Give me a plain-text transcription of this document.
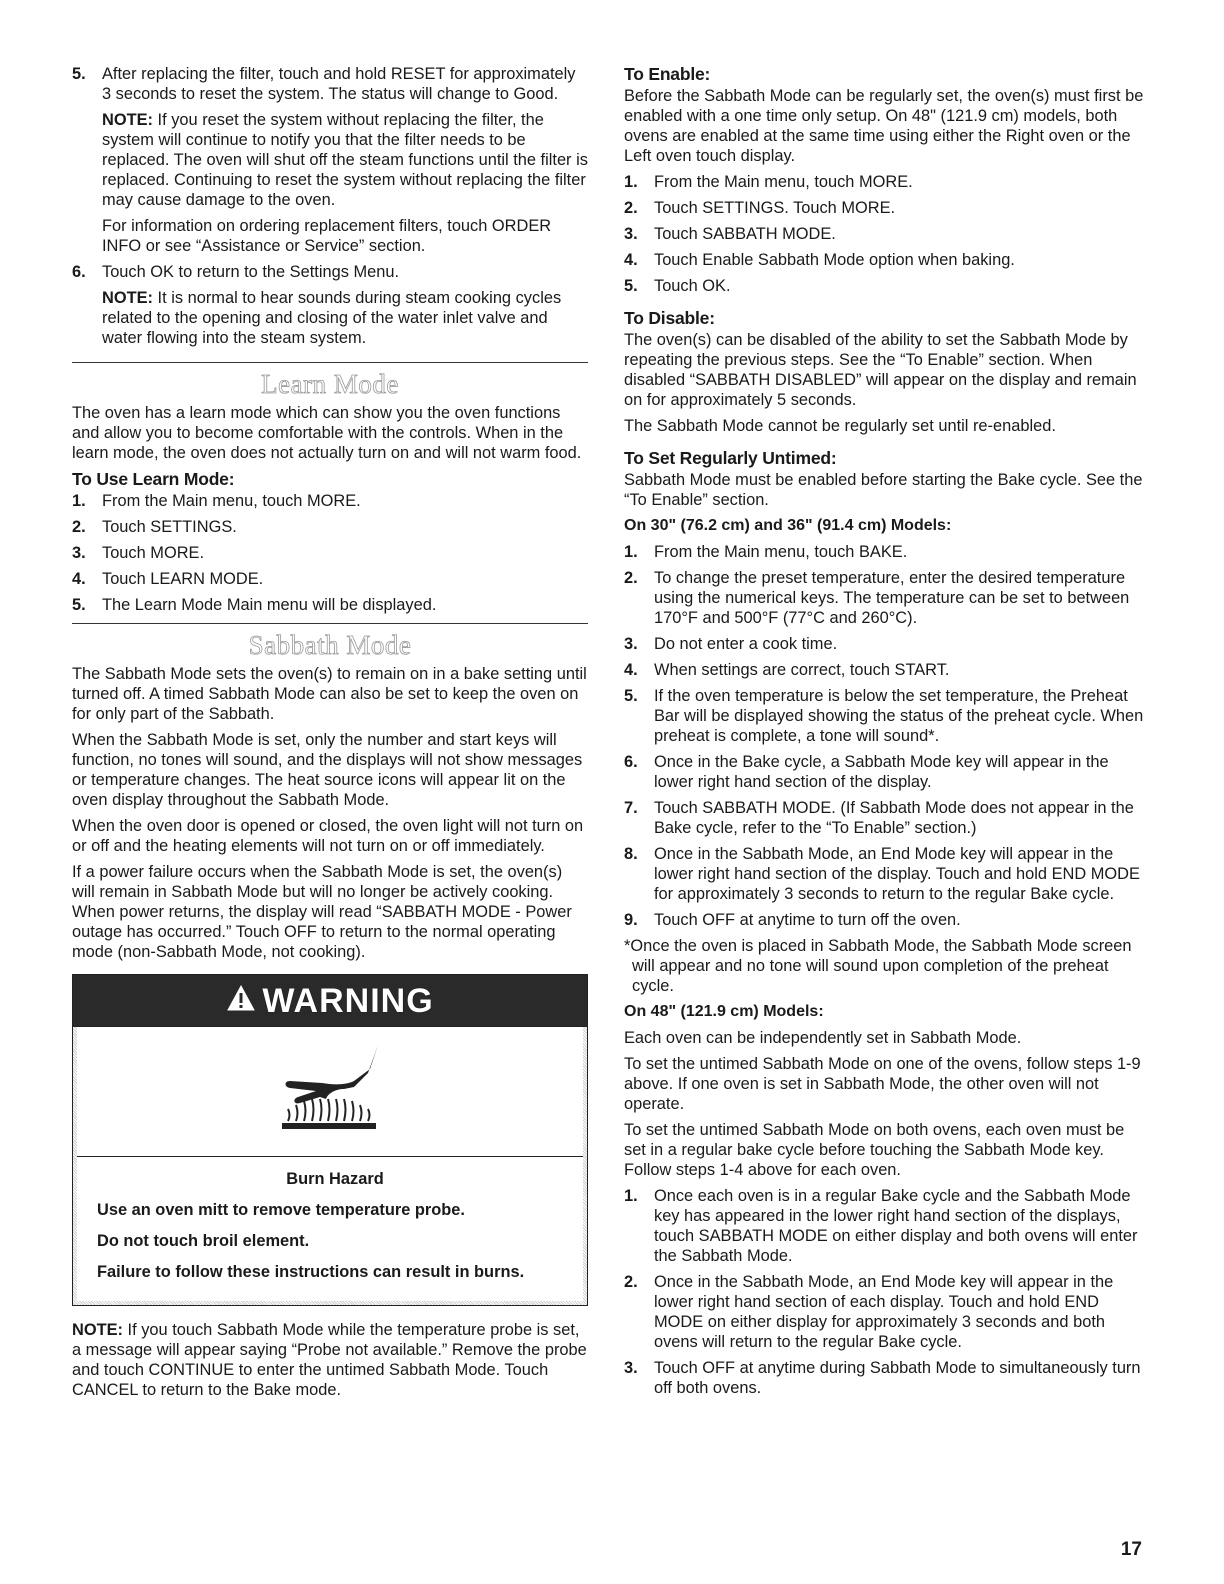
5. After replacing the filter, touch and hold RESET for approximately 3 seconds to reset the system. The status will change to Good.

NOTE: If you reset the system without replacing the filter, the system will continue to notify you that the filter needs to be replaced. The oven will shut off the steam functions until the filter is replaced. Continuing to reset the system without replacing the filter may cause damage to the oven.

For information on ordering replacement filters, touch ORDER INFO or see “Assistance or Service” section.

6. Touch OK to return to the Settings Menu.

NOTE: It is normal to hear sounds during steam cooking cycles related to the opening and closing of the water inlet valve and water flowing into the steam system.

Learn Mode

The oven has a learn mode which can show you the oven functions and allow you to become comfortable with the controls. When in the learn mode, the oven does not actually turn on and will not warm food.

To Use Learn Mode:
1. From the Main menu, touch MORE.
2. Touch SETTINGS.
3. Touch MORE.
4. Touch LEARN MODE.
5. The Learn Mode Main menu will be displayed.
Sabbath Mode

The Sabbath Mode sets the oven(s) to remain on in a bake setting until turned off. A timed Sabbath Mode can also be set to keep the oven on for only part of the Sabbath.

When the Sabbath Mode is set, only the number and start keys will function, no tones will sound, and the displays will not show messages or temperature changes. The heat source icons will appear lit on the oven display throughout the Sabbath Mode.

When the oven door is opened or closed, the oven light will not turn on or off and the heating elements will not turn on or off immediately.

If a power failure occurs when the Sabbath Mode is set, the oven(s) will remain in Sabbath Mode but will no longer be actively cooking. When power returns, the display will read “SABBATH MODE - Power outage has occurred.” Touch OFF to return to the normal operating mode (non-Sabbath Mode, not cooking).

WARNING
Burn Hazard
Use an oven mitt to remove temperature probe.
Do not touch broil element.
Failure to follow these instructions can result in burns.

NOTE: If you touch Sabbath Mode while the temperature probe is set, a message will appear saying “Probe not available.” Remove the probe and touch CONTINUE to enter the untimed Sabbath Mode. Touch CANCEL to return to the Bake mode.

To Enable:

Before the Sabbath Mode can be regularly set, the oven(s) must first be enabled with a one time only setup. On 48" (121.9 cm) models, both ovens are enabled at the same time using either the Right oven or the Left oven touch display.

1. From the Main menu, touch MORE.
2. Touch SETTINGS. Touch MORE.
3. Touch SABBATH MODE.
4. Touch Enable Sabbath Mode option when baking.
5. Touch OK.
To Disable:

The oven(s) can be disabled of the ability to set the Sabbath Mode by repeating the previous steps. See the “To Enable” section. When disabled “SABBATH DISABLED” will appear on the display and remain on for approximately 5 seconds.

The Sabbath Mode cannot be regularly set until re-enabled.

To Set Regularly Untimed:

Sabbath Mode must be enabled before starting the Bake cycle. See the “To Enable” section.

On 30" (76.2 cm) and 36" (91.4 cm) Models:
1. From the Main menu, touch BAKE.
2. To change the preset temperature, enter the desired temperature using the numerical keys. The temperature can be set to between 170°F and 500°F (77°C and 260°C).
3. Do not enter a cook time.
4. When settings are correct, touch START.
5. If the oven temperature is below the set temperature, the Preheat Bar will be displayed showing the status of the preheat cycle. When preheat is complete, a tone will sound*.
6. Once in the Bake cycle, a Sabbath Mode key will appear in the lower right hand section of the display.
7. Touch SABBATH MODE. (If Sabbath Mode does not appear in the Bake cycle, refer to the “To Enable” section.)
8. Once in the Sabbath Mode, an End Mode key will appear in the lower right hand section of the display. Touch and hold END MODE for approximately 3 seconds to return to the regular Bake cycle.
9. Touch OFF at anytime to turn off the oven.

*Once the oven is placed in Sabbath Mode, the Sabbath Mode screen will appear and no tone will sound upon completion of the preheat cycle.

On 48" (121.9 cm) Models:

Each oven can be independently set in Sabbath Mode.

To set the untimed Sabbath Mode on one of the ovens, follow steps 1-9 above. If one oven is set in Sabbath Mode, the other oven will not operate.

To set the untimed Sabbath Mode on both ovens, each oven must be set in a regular bake cycle before touching the Sabbath Mode key. Follow steps 1-4 above for each oven.

1. Once each oven is in a regular Bake cycle and the Sabbath Mode key has appeared in the lower right hand section of the displays, touch SABBATH MODE on either display and both ovens will enter the Sabbath Mode.
2. Once in the Sabbath Mode, an End Mode key will appear in the lower right hand section of each display. Touch and hold END MODE on either display for approximately 3 seconds and both ovens will return to the regular Bake cycle.
3. Touch OFF at anytime during Sabbath Mode to simultaneously turn off both ovens.
17
